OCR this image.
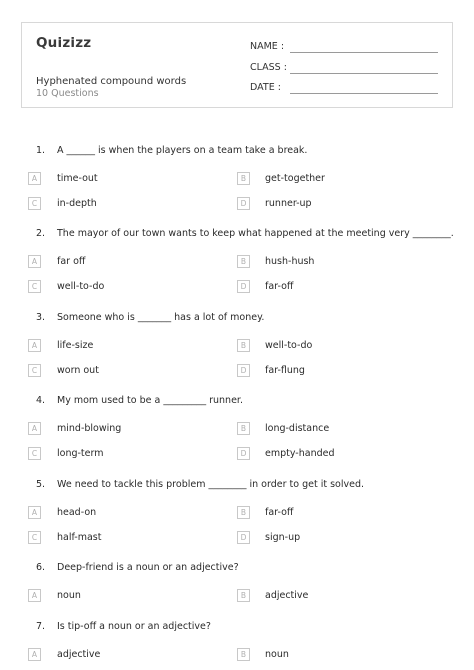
Quizizz
Hyphenated compound words
10 Questions
NAME :
CLASS :
DATE :
1. A ______ is when the players on a team take a break.
A	time-out	B	get-together
C	in-depth	D	runner-up
2. The mayor of our town wants to keep what happened at the meeting very ________.
A	far off	B	hush-hush
C	well-to-do	D	far-off
3. Someone who is _______ has a lot of money.
A	life-size	B	well-to-do
C	worn out	D	far-flung
4. My mom used to be a _________ runner.
A	mind-blowing	B	long-distance
C	long-term	D	empty-handed
5. We need to tackle this problem ________ in order to get it solved.
A	head-on	B	far-off
C	half-mast	D	sign-up
6. Deep-friend is a noun or an adjective?
A	noun	B	adjective
7. Is tip-off a noun or an adjective?
A	adjective	B	noun
